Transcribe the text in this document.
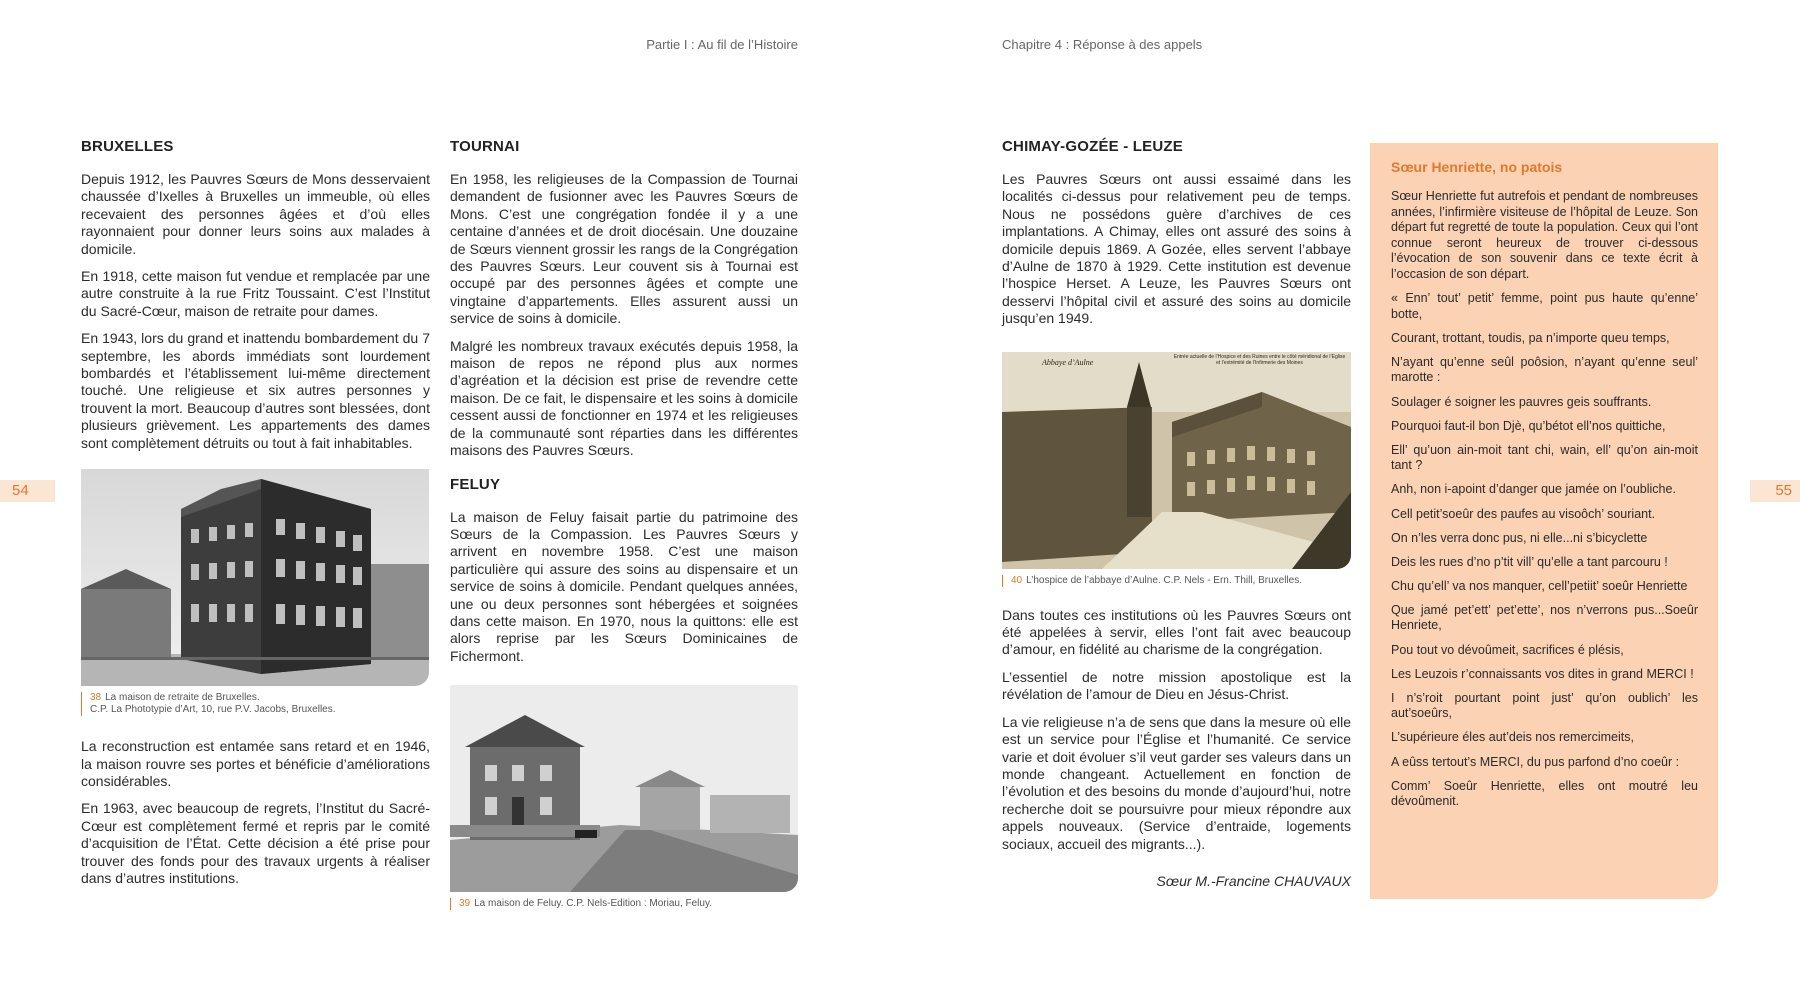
Partie I : Au fil de l’Histoire	Chapitre 4 : Réponse à des appels
54	55
BRUXELLES

Depuis 1912, les Pauvres Sœurs de Mons desservaient chaussée d’Ixelles à Bruxelles un immeuble, où elles recevaient des personnes âgées et d’où elles rayonnaient pour donner leurs soins aux malades à domicile.

En 1918, cette maison fut vendue et remplacée par une autre construite à la rue Fritz Toussaint. C’est l’Institut du Sacré-Cœur, maison de retraite pour dames.

En 1943, lors du grand et inattendu bombardement du 7 septembre, les abords immédiats sont lourdement bombardés et l’établissement lui-même directement touché. Une religieuse et six autres personnes y trouvent la mort. Beaucoup d’autres sont blessées, dont plusieurs grièvement. Les appartements des dames sont complètement détruits ou tout à fait inhabitables.

38 La maison de retraite de Bruxelles.
C.P. La Phototypie d’Art, 10, rue P.V. Jacobs, Bruxelles.

La reconstruction est entamée sans retard et en 1946, la maison rouvre ses portes et bénéficie d’améliorations considérables.

En 1963, avec beaucoup de regrets, l’Institut du Sacré-Cœur est complètement fermé et repris par le comité d’acquisition de l’État. Cette décision a été prise pour trouver des fonds pour des travaux urgents à réaliser dans d’autres institutions.

TOURNAI

En 1958, les religieuses de la Compassion de Tournai demandent de fusionner avec les Pauvres Sœurs de Mons. C’est une congrégation fondée il y a une centaine d’années et de droit diocésain. Une douzaine de Sœurs viennent grossir les rangs de la Congrégation des Pauvres Sœurs. Leur couvent sis à Tournai est occupé par des personnes âgées et compte une vingtaine d’appartements. Elles assurent aussi un service de soins à domicile.

Malgré les nombreux travaux exécutés depuis 1958, la maison de repos ne répond plus aux normes d’agréation et la décision est prise de revendre cette maison. De ce fait, le dispensaire et les soins à domicile cessent aussi de fonctionner en 1974 et les religieuses de la communauté sont réparties dans les différentes maisons des Pauvres Sœurs.

FELUY

La maison de Feluy faisait partie du patrimoine des Sœurs de la Compassion. Les Pauvres Sœurs y arrivent en novembre 1958. C’est une maison particulière qui assure des soins au dispensaire et un service de soins à domicile. Pendant quelques années, une ou deux personnes sont hébergées et soignées dans cette maison. En 1970, nous la quittons: elle est alors reprise par les Sœurs Dominicaines de Fichermont.

39 La maison de Feluy. C.P. Nels-Edition : Moriau, Feluy.
CHIMAY-GOZÉE - LEUZE

Les Pauvres Sœurs ont aussi essaimé dans les localités ci-dessus pour relativement peu de temps. Nous ne possédons guère d’archives de ces implantations. A Chimay, elles ont assuré des soins à domicile depuis 1869. A Gozée, elles servent l’abbaye d’Aulne de 1870 à 1929. Cette institution est devenue l’hospice Herset. A Leuze, les Pauvres Sœurs ont desservi l’hôpital civil et assuré des soins au domicile jusqu’en 1949.

Abbaye d’Aulne
Entrée actuelle de l’Hospice et des Ruines entre le côté méridional de l’Eglise et l’extrémité de l’Infirmerie des Moines
40 L’hospice de l’abbaye d’Aulne. C.P. Nels - Ern. Thill, Bruxelles.

Dans toutes ces institutions où les Pauvres Sœurs ont été appelées à servir, elles l’ont fait avec beaucoup d’amour, en fidélité au charisme de la congrégation.

L’essentiel de notre mission apostolique est la révélation de l’amour de Dieu en Jésus-Christ.

La vie religieuse n’a de sens que dans la mesure où elle est un service pour l’Église et l’humanité. Ce service varie et doit évoluer s’il veut garder ses valeurs dans un monde changeant. Actuellement en fonction de l’évolution et des besoins du monde d’aujourd’hui, notre recherche doit se poursuivre pour mieux répondre aux appels nouveaux. (Service d’entraide, logements sociaux, accueil des migrants...).

Sœur M.-Francine CHAUVAUX
Sœur Henriette, no patois

Sœur Henriette fut autrefois et pendant de nombreuses années, l’infirmière visiteuse de l’hôpital de Leuze. Son départ fut regretté de toute la population. Ceux qui l’ont connue seront heureux de trouver ci-dessous l’évocation de son souvenir dans ce texte écrit à l’occasion de son départ.

« Enn’ tout’ petit’ femme, point pus haute qu’enne’ botte,

Courant, trottant, toudis, pa n’importe queu temps,

N’ayant qu’enne seûl poôsion, n’ayant qu’enne seul’ marotte :

Soulager é soigner les pauvres geis souffrants.

Pourquoi faut-il bon Djè, qu’bétot ell’nos quittiche,

Ell’ qu’uon ain-moit tant chi, wain, ell’ qu’on ain-moit tant ?

Anh, non i-apoint d’danger que jamée on l’oubliche.

Cell petit’soeûr des paufes au visoôch’ souriant.

On n’les verra donc pus, ni elle...ni s’bicyclette

Deis les rues d’no p’tit vill’ qu’elle a tant parcouru !

Chu qu’ell’ va nos manquer, cell’petiit’ soeûr Henriette

Que jamé pet’ett’ pet’ette’, nos n’verrons pus...Soeûr Henriete,

Pou tout vo dévoûmeit, sacrifices é plésis,

Les Leuzois r’connaissants vos dites in grand MERCI !

I n’s’roit pourtant point just’ qu’on oublich’ les aut’soeûrs,

L’supérieure éles aut’deis nos remercimeits,

A eûss tertout’s MERCI, du pus parfond d’no coeûr :

Comm’ Soeûr Henriette, elles ont moutré leu dévoûmenit.
